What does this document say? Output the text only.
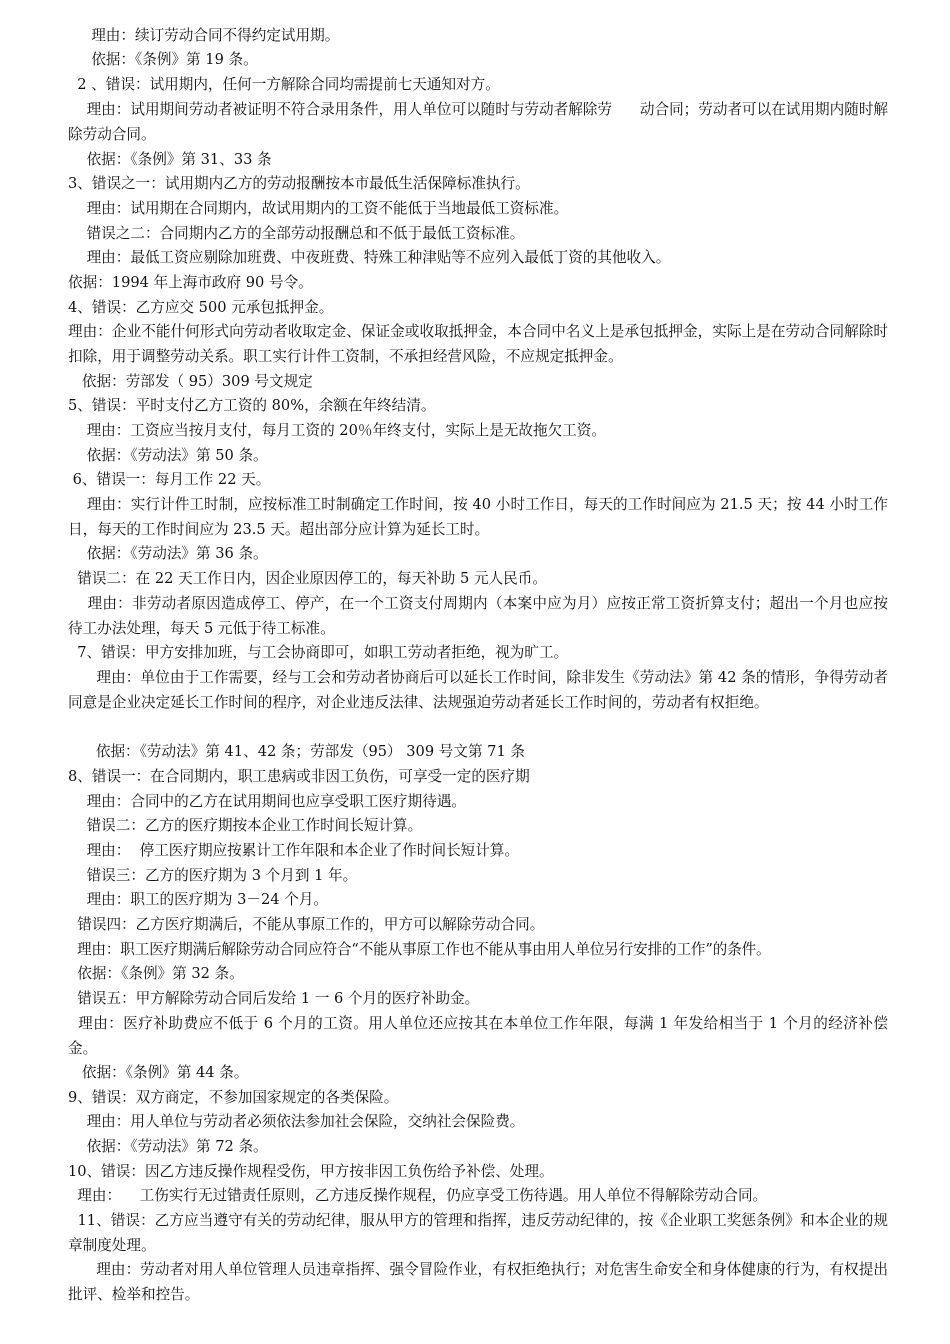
理由：续订劳动合同不得约定试用期。
依据：《条例》第 19 条。
2 、错误：试用期内，任何一方解除合同均需提前七天通知对方。
理由：试用期间劳动者被证明不符合录用条件，用人单位可以随时与劳动者解除劳      动合同；劳动者可以在试用期内随时解除劳动合同。
依据：《条例》第 31、33 条
3、错误之一：试用期内乙方的劳动报酬按本市最低生活保障标准执行。
理由：试用期在合同期内，故试用期内的工资不能低于当地最低工资标准。
错误之二：合同期内乙方的全部劳动报酬总和不低于最低工资标准。
理由：最低工资应剔除加班费、中夜班费、特殊工种津贴等不应列入最低丁资的其他收入。
依据：1994 年上海市政府 90 号令。
4、错误：乙方应交 500 元承包抵押金。
理由：企业不能什何形式向劳动者收取定金、保证金或收取抵押金，本合同中名义上是承包抵押金，实际上是在劳动合同解除时扣除，用于调整劳动关系。职工实行计件工资制，不承担经营风险，不应规定抵押金。
依据：劳部发（ 95）309 号文规定
5、错误：平时支付乙方工资的 80%，余额在年终结清。
理由：工资应当按月支付，每月工资的 20％年终支付，实际上是无故拖欠工资。
依据：《劳动法》第 50 条。
6、错误一：每月工作 22 天。
理由：实行计件工时制，应按标准工时制确定工作时间，按 40 小时工作日，每天的工作时间应为 21.5 天；按 44 小时工作日，每天的工作时间应为 23.5 天。超出部分应计算为延长工时。
依据：《劳动法》第 36 条。
错误二：在 22 天工作日内，因企业原因停工的，每天补助 5 元人民币。
理由：非劳动者原因造成停工、停产，在一个工资支付周期内（本案中应为月）应按正常工资折算支付；超出一个月也应按待工办法处理，每天 5 元低于待工标准。
7、错误：甲方安排加班，与工会协商即可，如职工劳动者拒绝，视为旷工。
理由：单位由于工作需要，经与工会和劳动者协商后可以延长工作时间，除非发生《劳动法》第 42 条的情形，争得劳动者同意是企业决定延长工作时间的程序，对企业违反法律、法规强迫劳动者延长工作时间的，劳动者有权拒绝。
依据：《劳动法》第 41、42 条；劳部发（95） 309 号文第 71 条
8、错误一：在合同期内，职工患病或非因工负伤，可享受一定的医疗期
理由：合同中的乙方在试用期间也应享受职工医疗期待遇。
错误二：乙方的医疗期按本企业工作时间长短计算。
理由：  停工医疗期应按累计工作年限和本企业了作时间长短计算。
错误三：乙方的医疗期为 3 个月到 1 年。
理由：职工的医疗期为 3－24 个月。
错误四：乙方医疗期满后，不能从事原工作的，甲方可以解除劳动合同。
理由：职工医疗期满后解除劳动合同应符合“不能从事原工作也不能从事由用人单位另行安排的工作”的条件。
依据：《条例》第 32 条。
错误五：甲方解除劳动合同后发给 1 一 6 个月的医疗补助金。
理由：医疗补助费应不低于 6 个月的工资。用人单位还应按其在本单位工作年限，每满 1 年发给相当于 1 个月的经济补偿金。
依据：《条例》第 44 条。
9、错误：双方商定，不参加国家规定的各类保险。
理由：用人单位与劳动者必须依法参加社会保险，交纳社会保险费。
依据：《劳动法》第 72 条。
10、错误：因乙方违反操作规程受伤，甲方按非因工负伤给予补偿、处理。
理由：    工伤实行无过错责任原则，乙方违反操作规程，仍应享受工伤待遇。用人单位不得解除劳动合同。
11、错误：乙方应当遵守有关的劳动纪律，服从甲方的管理和指挥，违反劳动纪律的，按《企业职工奖惩条例》和本企业的规章制度处理。
理由：劳动者对用人单位管理人员违章指挥、强令冒险作业，有权拒绝执行；对危害生命安全和身体健康的行为，有权提出批评、检举和控告。
